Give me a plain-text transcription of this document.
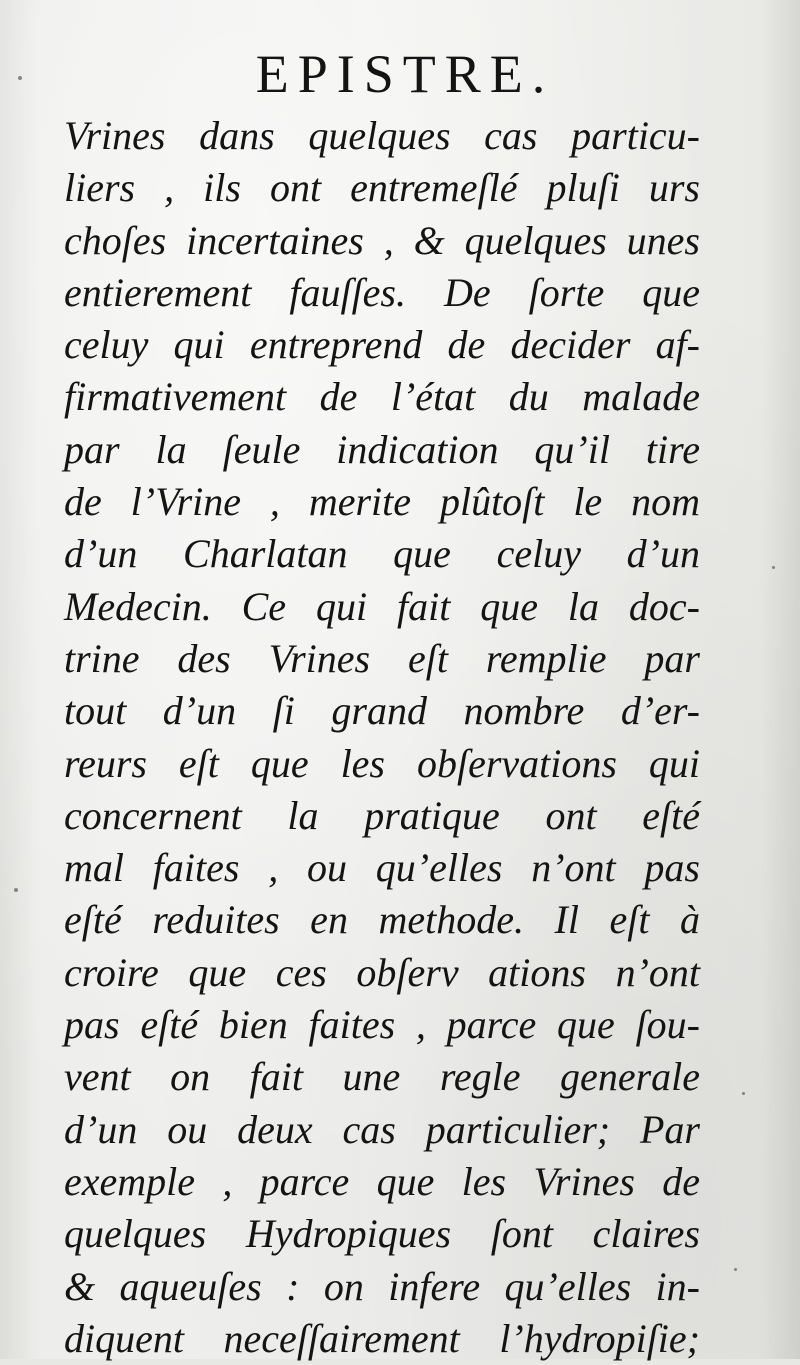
EPISTRE.
Vrines dans quelques cas particu-
liers , ils ont entremeſlé pluſi urs
choſes incertaines , & quelques unes
entierement fauſſes. De ſorte que
celuy qui entreprend de decider af-
firmativement de l’état du malade
par la ſeule indication qu’il tire
de l’Vrine , merite plûtoſt le nom
d’un Charlatan que celuy d’un
Medecin. Ce qui fait que la doc-
trine des Vrines eſt remplie par
tout d’un ſi grand nombre d’er-
reurs eſt que les obſervations qui
concernent la pratique ont eſté
mal faites , ou qu’elles n’ont pas
eſté reduites en methode. Il eſt à
croire que ces obſerv ations n’ont
pas eſté bien faites , parce que ſou-
vent on fait une regle generale
d’un ou deux cas particulier; Par
exemple , parce que les Vrines de
quelques Hydropiques ſont claires
& aqueuſes : on infere qu’elles in-
diquent neceſſairement l’hydropiſie;
